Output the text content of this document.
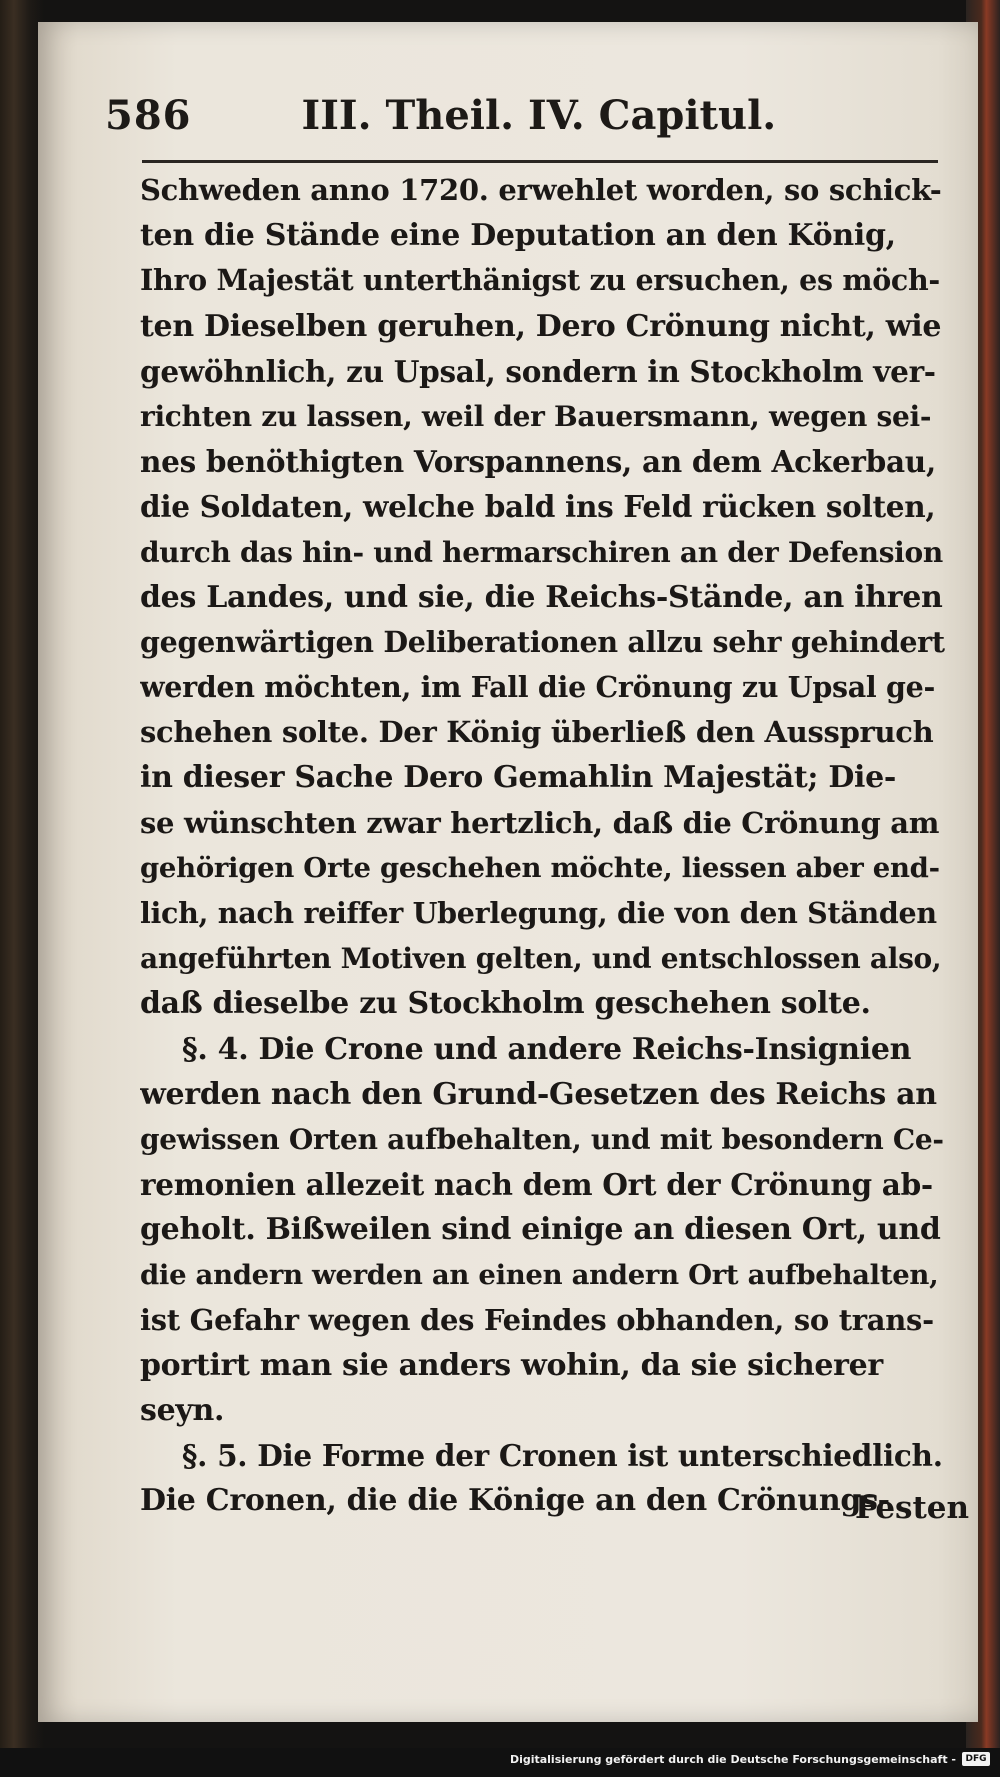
586	III. Theil. IV. Capitul.
Schweden anno 1720. erwehlet worden, so schick-
ten die Stände eine Deputation an den König,
Ihro Majestät unterthänigst zu ersuchen, es möch-
ten Dieselben geruhen, Dero Crönung nicht, wie
gewöhnlich, zu Upsal, sondern in Stockholm ver-
richten zu lassen, weil der Bauersmann, wegen sei-
nes benöthigten Vorspannens, an dem Ackerbau,
die Soldaten, welche bald ins Feld rücken solten,
durch das hin- und hermarschiren an der Defension
des Landes, und sie, die Reichs-Stände, an ihren
gegenwärtigen Deliberationen allzu sehr gehindert
werden möchten, im Fall die Crönung zu Upsal ge-
schehen solte. Der König überließ den Ausspruch
in dieser Sache Dero Gemahlin Majestät; Die-
se wünschten zwar hertzlich, daß die Crönung am
gehörigen Orte geschehen möchte, liessen aber end-
lich, nach reiffer Uberlegung, die von den Ständen
angeführten Motiven gelten, und entschlossen also,
daß dieselbe zu Stockholm geschehen solte.
§. 4. Die Crone und andere Reichs-Insignien
werden nach den Grund-Gesetzen des Reichs an
gewissen Orten aufbehalten, und mit besondern Ce-
remonien allezeit nach dem Ort der Crönung ab-
geholt. Bißweilen sind einige an diesen Ort, und
die andern werden an einen andern Ort aufbehalten,
ist Gefahr wegen des Feindes obhanden, so trans-
portirt man sie anders wohin, da sie sicherer
seyn.
§. 5. Die Forme der Cronen ist unterschiedlich.
Die Cronen, die die Könige an den Crönungs-
Festen
Digitalisierung gefördert durch die Deutsche Forschungsgemeinschaft -	DFG
